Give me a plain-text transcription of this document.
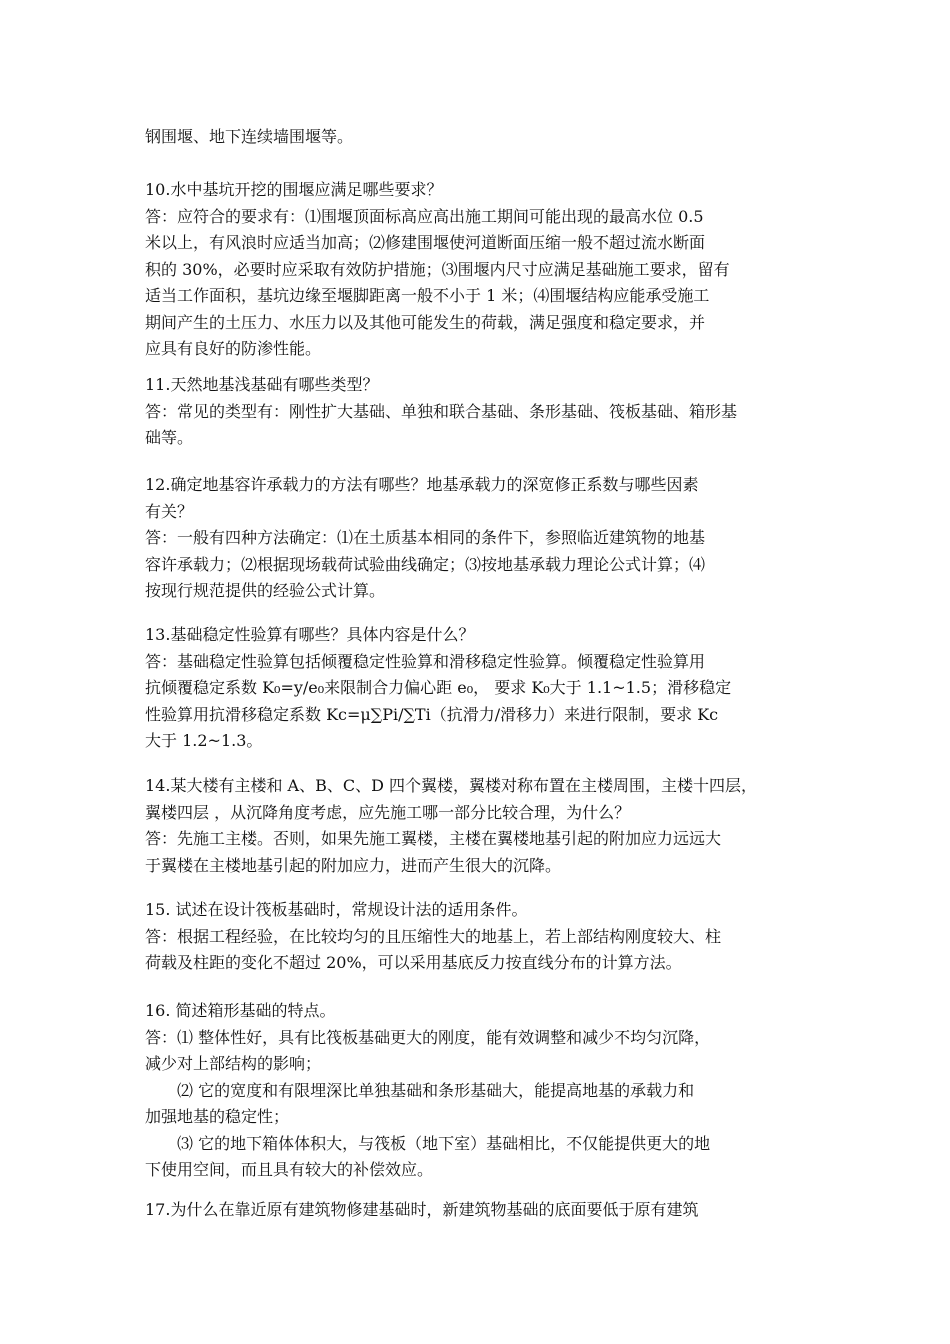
钢围堰、地下连续墙围堰等。
10.水中基坑开挖的围堰应满足哪些要求？
答：应符合的要求有：⑴围堰顶面标高应高出施工期间可能出现的最高水位 0.5
米以上，有风浪时应适当加高；⑵修建围堰使河道断面压缩一般不超过流水断面
积的 30%，必要时应采取有效防护措施；⑶围堰内尺寸应满足基础施工要求，留有
适当工作面积，基坑边缘至堰脚距离一般不小于 1 米；⑷围堰结构应能承受施工
期间产生的土压力、水压力以及其他可能发生的荷载，满足强度和稳定要求，并
应具有良好的防渗性能。
11.天然地基浅基础有哪些类型？
答：常见的类型有：刚性扩大基础、单独和联合基础、条形基础、筏板基础、箱形基
础等。
12.确定地基容许承载力的方法有哪些？地基承载力的深宽修正系数与哪些因素
有关？
答：一般有四种方法确定：⑴在土质基本相同的条件下，参照临近建筑物的地基
容许承载力；⑵根据现场载荷试验曲线确定；⑶按地基承载力理论公式计算；⑷
按现行规范提供的经验公式计算。
13.基础稳定性验算有哪些？具体内容是什么？
答：基础稳定性验算包括倾覆稳定性验算和滑移稳定性验算。倾覆稳定性验算用
抗倾覆稳定系数 K₀=y/e₀来限制合力偏心距 e₀， 要求 K₀大于 1.1~1.5；滑移稳定
性验算用抗滑移稳定系数 Kc=μ∑Pi/∑Ti（抗滑力/滑移力）来进行限制，要求 Kc
大于 1.2~1.3。
14.某大楼有主楼和 A、B、C、D 四个翼楼，翼楼对称布置在主楼周围，主楼十四层，
翼楼四层 ，从沉降角度考虑，应先施工哪一部分比较合理，为什么？
答：先施工主楼。否则，如果先施工翼楼，主楼在翼楼地基引起的附加应力远远大
于翼楼在主楼地基引起的附加应力，进而产生很大的沉降。
15. 试述在设计筏板基础时，常规设计法的适用条件。
答：根据工程经验，在比较均匀的且压缩性大的地基上，若上部结构刚度较大、柱
荷载及柱距的变化不超过 20%，可以采用基底反力按直线分布的计算方法。
16. 简述箱形基础的特点。
答：⑴ 整体性好，具有比筏板基础更大的刚度，能有效调整和减少不均匀沉降，
减少对上部结构的影响；
⑵ 它的宽度和有限埋深比单独基础和条形基础大，能提高地基的承载力和
加强地基的稳定性；
⑶ 它的地下箱体体积大，与筏板（地下室）基础相比，不仅能提供更大的地
下使用空间，而且具有较大的补偿效应。
17.为什么在靠近原有建筑物修建基础时，新建筑物基础的底面要低于原有建筑
